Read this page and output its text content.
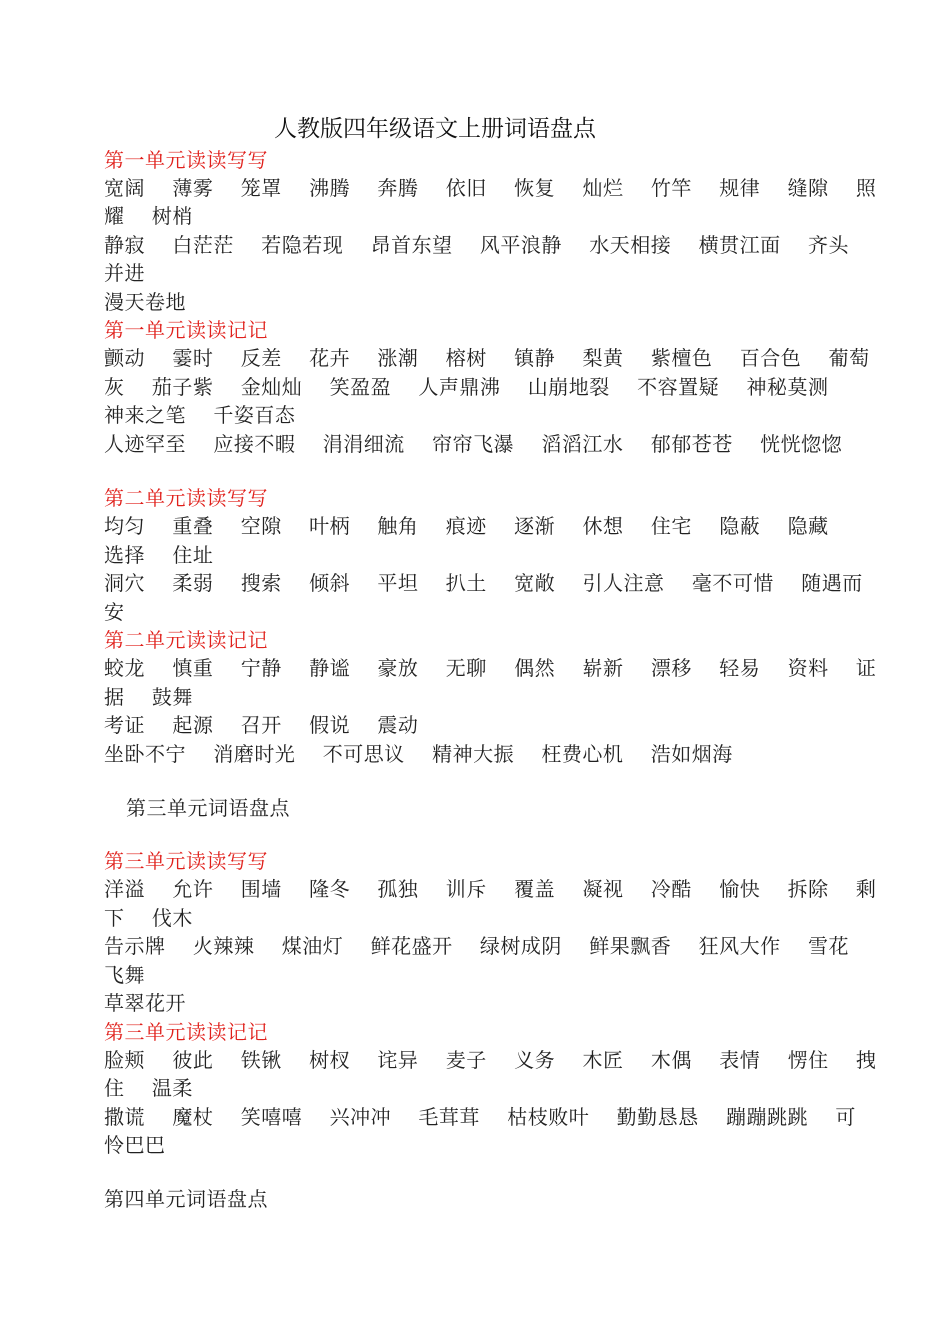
人教版四年级语文上册词语盘点
第一单元读读写写
宽阔　 薄雾　 笼罩　 沸腾　 奔腾　 依旧　 恢复　 灿烂　 竹竿　 规律　 缝隙　 照
耀　 树梢
静寂　 白茫茫　 若隐若现　 昂首东望　 风平浪静　 水天相接　 横贯江面　 齐头
并进
漫天卷地
第一单元读读记记
颤动　 霎时　 反差　 花卉　 涨潮　 榕树　 镇静　 梨黄　 紫檀色　 百合色　 葡萄
灰　 茄子紫　 金灿灿　 笑盈盈　 人声鼎沸　 山崩地裂　 不容置疑　 神秘莫测
神来之笔　 千姿百态
人迹罕至　 应接不暇　 涓涓细流　 帘帘飞瀑　 滔滔江水　 郁郁苍苍　 恍恍惚惚
第二单元读读写写
均匀　 重叠　 空隙　 叶柄　 触角　 痕迹　 逐渐　 休想　 住宅　 隐蔽　 隐藏
选择　 住址
洞穴　 柔弱　 搜索　 倾斜　 平坦　 扒土　 宽敞　 引人注意　 毫不可惜　 随遇而
安
第二单元读读记记
蛟龙　 慎重　 宁静　 静谧　 豪放　 无聊　 偶然　 崭新　 漂移　 轻易　 资料　 证
据　 鼓舞
考证　 起源　 召开　 假说　 震动
坐卧不宁　 消磨时光　 不可思议　 精神大振　 枉费心机　 浩如烟海
第三单元词语盘点
第三单元读读写写
洋溢　 允许　 围墙　 隆冬　 孤独　 训斥　 覆盖　 凝视　 冷酷　 愉快　 拆除　 剩
下　 伐木
告示牌　 火辣辣　 煤油灯　 鲜花盛开　 绿树成阴　 鲜果飘香　 狂风大作　 雪花
飞舞
草翠花开
第三单元读读记记
脸颊　 彼此　 铁锹　 树杈　 诧异　 麦子　 义务　 木匠　 木偶　 表情　 愣住　 拽
住　 温柔
撒谎　 魔杖　 笑嘻嘻　 兴冲冲　 毛茸茸　 枯枝败叶　 勤勤恳恳　 蹦蹦跳跳　 可
怜巴巴
第四单元词语盘点
